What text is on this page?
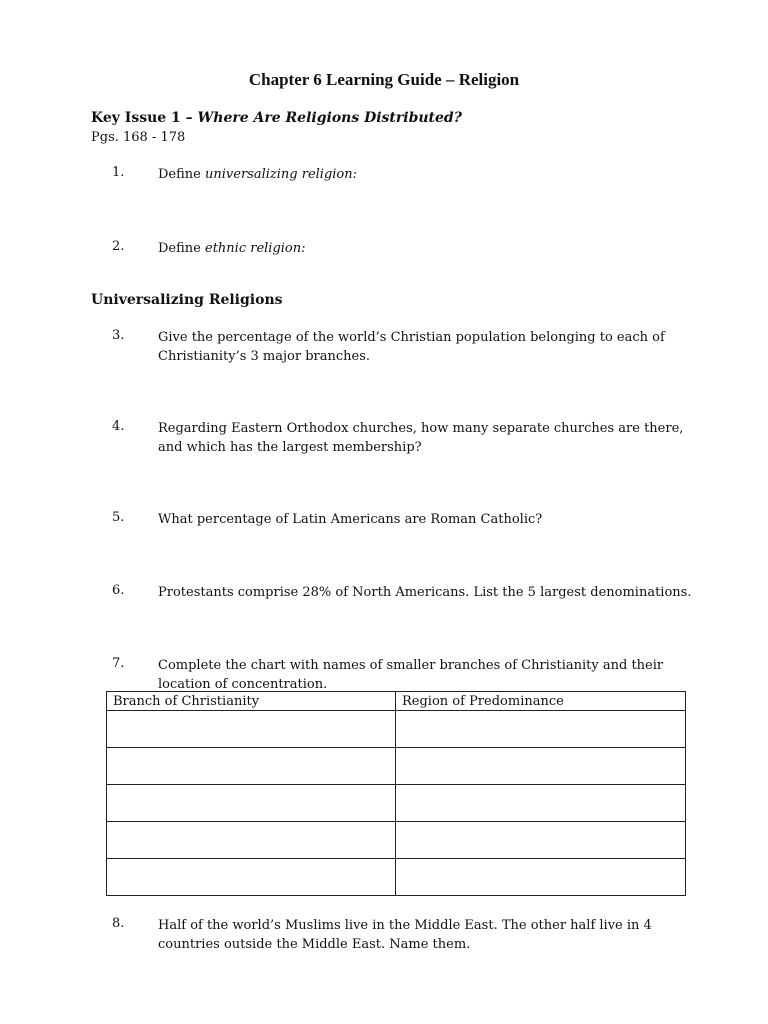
Chapter 6 Learning Guide – Religion
Key Issue 1 – Where Are Religions Distributed?
Pgs. 168 - 178
1.	Define universalizing religion:
2.	Define ethnic religion:
Universalizing Religions
3.	Give the percentage of the world’s Christian population belonging to each of
Christianity’s 3 major branches.
4.	Regarding Eastern Orthodox churches, how many separate churches are there,
and which has the largest membership?
5.	What percentage of Latin Americans are Roman Catholic?
6.	Protestants comprise 28% of North Americans. List the 5 largest denominations.
7.	Complete the chart with names of smaller branches of Christianity and their
location of concentration.
Branch of Christianity	Region of Predominance

8.	Half of the world’s Muslims live in the Middle East. The other half live in 4
countries outside the Middle East. Name them.
